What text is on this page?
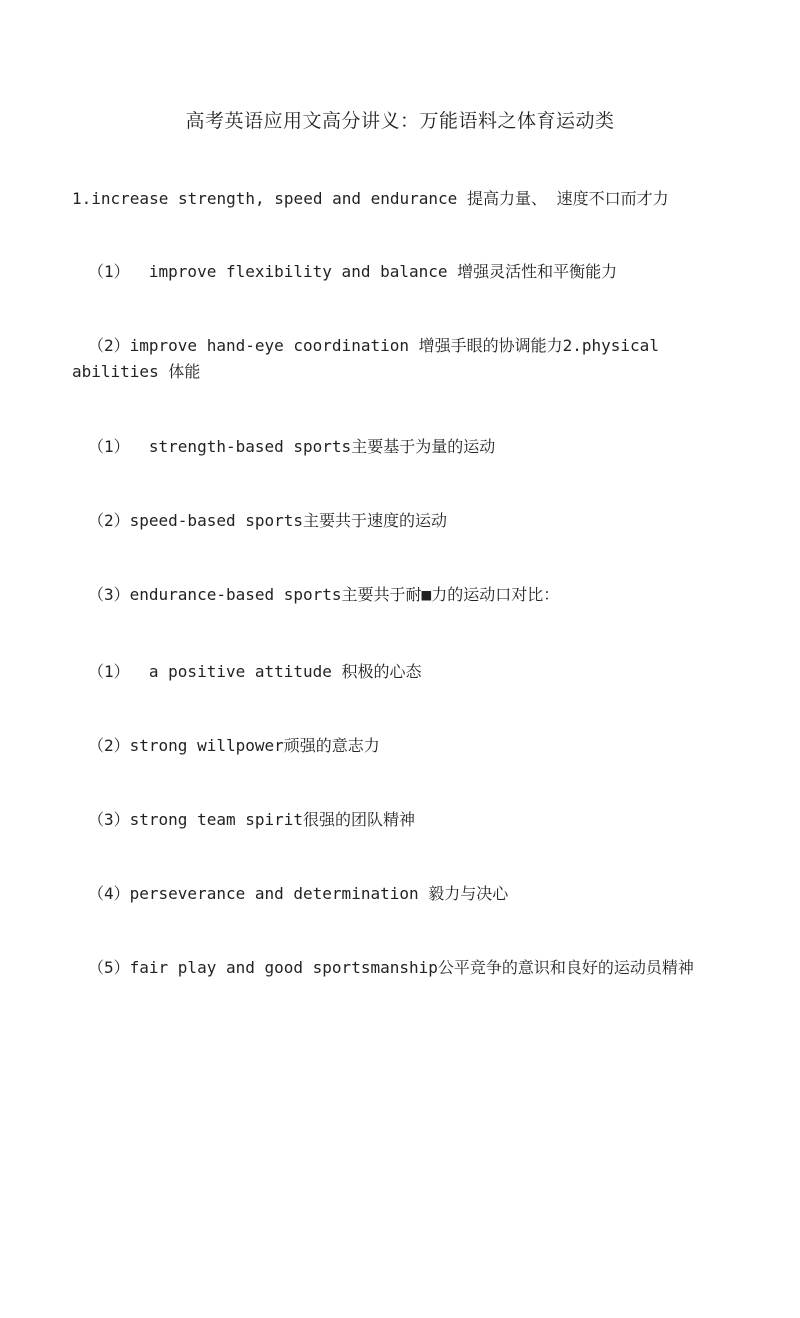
高考英语应用文高分讲义：万能语料之体育运动类
1.increase strength, speed and endurance 提高力量、 速度不口而才力
（1）  improve flexibility and balance 增强灵活性和平衡能力
（2）improve hand-eye coordination 增强手眼的协调能力2.physical
abilities 体能
（1）  strength-based sports主要基于为量的运动
（2）speed-based sports主要共于速度的运动
（3）endurance-based sports主要共于耐■力的运动口对比：
（1）  a positive attitude 积极的心态
（2）strong willpower顽强的意志力
（3）strong team spirit很强的团队精神
（4）perseverance and determination 毅力与决心
（5）fair play and good sportsmanship公平竞争的意识和良好的运动员精神
